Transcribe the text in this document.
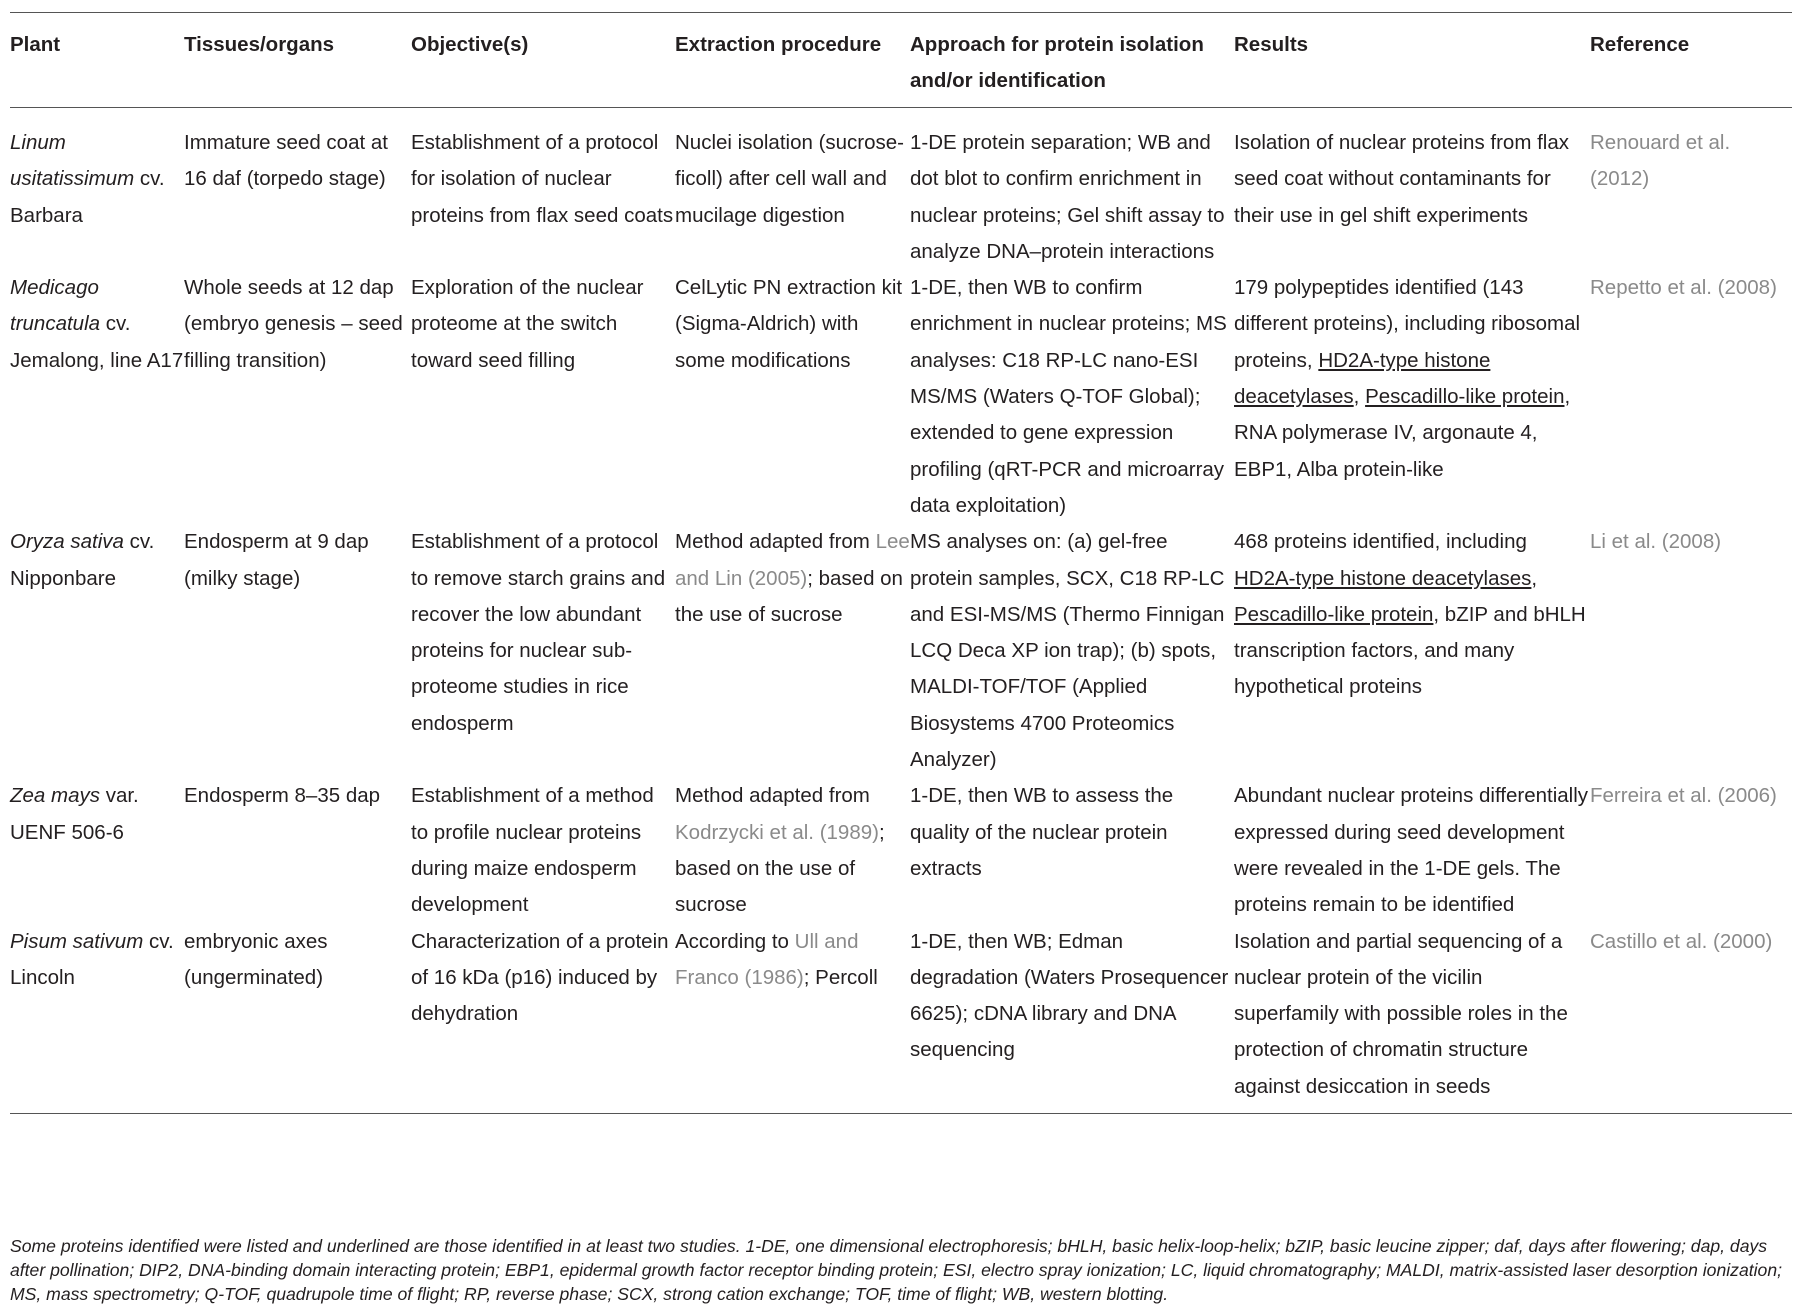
Plant	Tissues/organs	Objective(s)	Extraction procedure	Approach for protein isolation and/or identification	Results	Reference
Linum usitatissimum cv. Barbara	Immature seed coat at 16 daf (torpedo stage)	Establishment of a protocol for isolation of nuclear proteins from flax seed coats	Nuclei isolation (sucrose-ficoll) after cell wall and mucilage digestion	1-DE protein separation; WB and dot blot to confirm enrichment in nuclear proteins; Gel shift assay to analyze DNA–protein interactions	Isolation of nuclear proteins from flax seed coat without contaminants for their use in gel shift experiments	Renouard et al. (2012)
Medicago truncatula cv. Jemalong, line A17	Whole seeds at 12 dap (embryo genesis – seed filling transition)	Exploration of the nuclear proteome at the switch toward seed filling	CelLytic PN extraction kit (Sigma-Aldrich) with some modifications	1-DE, then WB to confirm enrichment in nuclear proteins; MS analyses: C18 RP-LC nano-ESI MS/MS (Waters Q-TOF Global); extended to gene expression profiling (qRT-PCR and microarray data exploitation)	179 polypeptides identified (143 different proteins), including ribosomal proteins, HD2A-type histone deacetylases, Pescadillo-like protein, RNA polymerase IV, argonaute 4, EBP1, Alba protein-like	Repetto et al. (2008)
Oryza sativa cv. Nipponbare	Endosperm at 9 dap (milky stage)	Establishment of a protocol to remove starch grains and recover the low abundant proteins for nuclear sub-proteome studies in rice endosperm	Method adapted from Lee and Lin (2005); based on the use of sucrose	MS analyses on: (a) gel-free protein samples, SCX, C18 RP-LC and ESI-MS/MS (Thermo Finnigan LCQ Deca XP ion trap); (b) spots, MALDI-TOF/TOF (Applied Biosystems 4700 Proteomics Analyzer)	468 proteins identified, including HD2A-type histone deacetylases, Pescadillo-like protein, bZIP and bHLH transcription factors, and many hypothetical proteins	Li et al. (2008)
Zea mays var. UENF 506-6	Endosperm 8–35 dap	Establishment of a method to profile nuclear proteins during maize endosperm development	Method adapted from Kodrzycki et al. (1989); based on the use of sucrose	1-DE, then WB to assess the quality of the nuclear protein extracts	Abundant nuclear proteins differentially expressed during seed development were revealed in the 1-DE gels. The proteins remain to be identified	Ferreira et al. (2006)
Pisum sativum cv. Lincoln	embryonic axes (ungerminated)	Characterization of a protein of 16 kDa (p16) induced by dehydration	According to Ull and Franco (1986); Percoll	1-DE, then WB; Edman degradation (Waters Prosequencer 6625); cDNA library and DNA sequencing	Isolation and partial sequencing of a nuclear protein of the vicilin superfamily with possible roles in the protection of chromatin structure against desiccation in seeds	Castillo et al. (2000)
Some proteins identified were listed and underlined are those identified in at least two studies. 1-DE, one dimensional electrophoresis; bHLH, basic helix-loop-helix; bZIP, basic leucine zipper; daf, days after flowering; dap, days after pollination; DIP2, DNA-binding domain interacting protein; EBP1, epidermal growth factor receptor binding protein; ESI, electro spray ionization; LC, liquid chromatography; MALDI, matrix-assisted laser desorption ionization; MS, mass spectrometry; Q-TOF, quadrupole time of flight; RP, reverse phase; SCX, strong cation exchange; TOF, time of flight; WB, western blotting.
